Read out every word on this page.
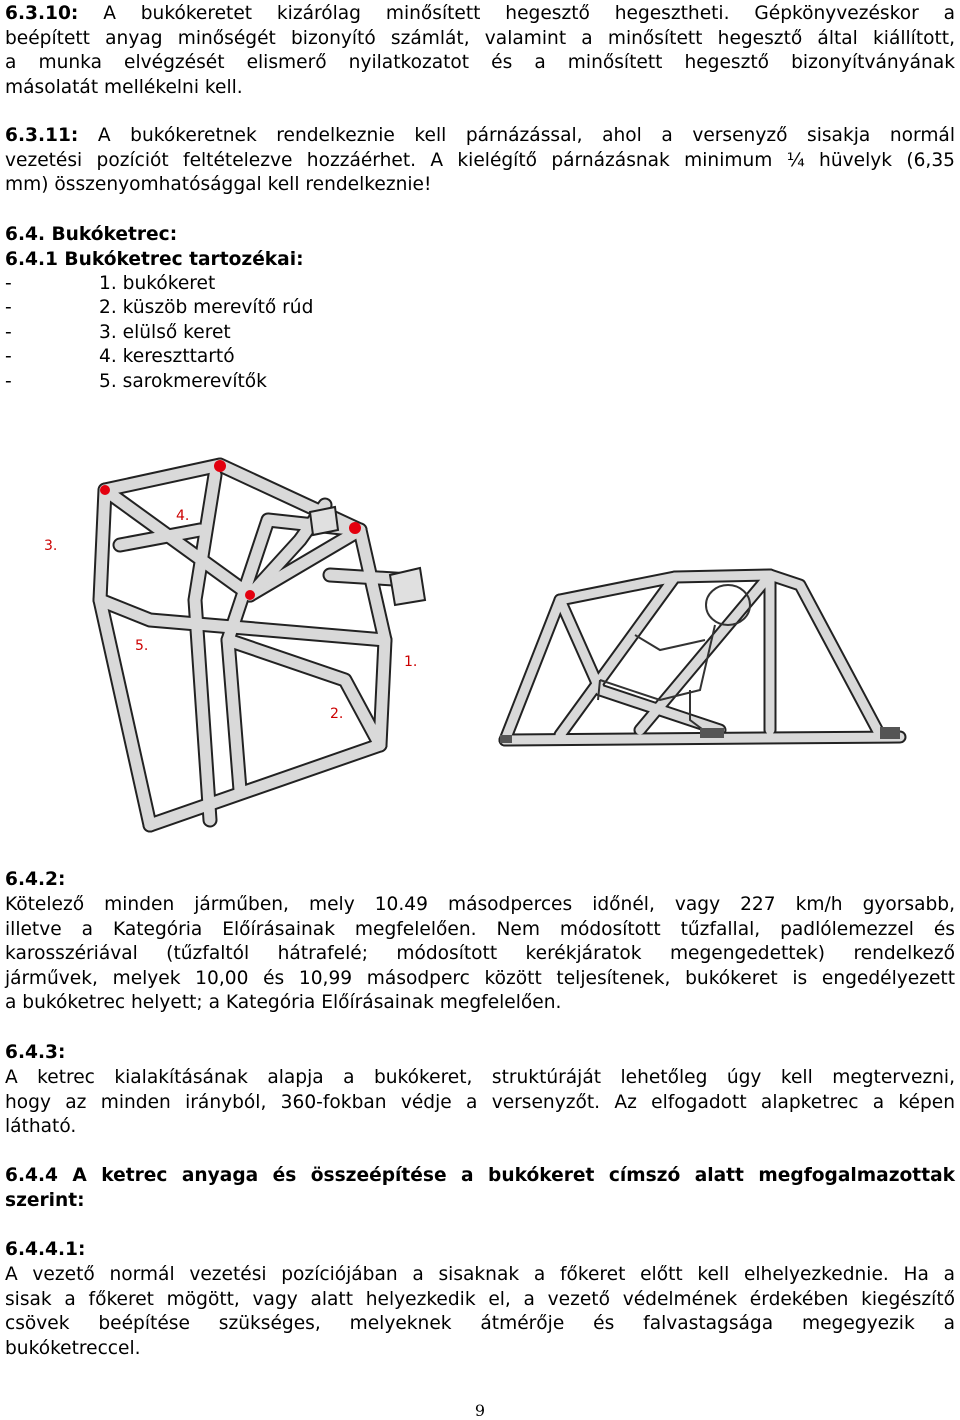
6.3.10: A bukókeretet kizárólag minősített hegesztő hegesztheti. Gépkönyvezéskor a
beépített anyag minőségét bizonyító számlát, valamint a minősített hegesztő által kiállított,
a munka elvégzését elismerő nyilatkozatot és a minősített hegesztő bizonyítványának
másolatát mellékelni kell.
6.3.11: A bukókeretnek rendelkeznie kell párnázással, ahol a versenyző sisakja normál
vezetési pozíciót feltételezve hozzáérhet. A kielégítő párnázásnak minimum ¼ hüvelyk (6,35
mm) összenyomhatósággal kell rendelkeznie!
6.4. Bukóketrec:
6.4.1 Bukóketrec tartozékai:
-	1. bukókeret
-	2. küszöb merevítő rúd
-	3. elülső keret
-	4. kereszttartó
-	5. sarokmerevítők
1.
2.
3.
4.
5.
6.4.2:
Kötelező minden járműben, mely 10.49 másodperces időnél, vagy 227 km/h gyorsabb,
illetve a Kategória Előírásainak megfelelően. Nem módosított tűzfallal, padlólemezzel és
karosszériával (tűzfaltól hátrafelé; módosított kerékjáratok megengedettek) rendelkező
járművek, melyek 10,00 és 10,99 másodperc között teljesítenek, bukókeret is engedélyezett
a bukóketrec helyett; a Kategória Előírásainak megfelelően.
6.4.3:
A ketrec kialakításának alapja a bukókeret, struktúráját lehetőleg úgy kell megtervezni,
hogy az minden irányból, 360-fokban védje a versenyzőt. Az elfogadott alapketrec a képen
látható.
6.4.4 A ketrec anyaga és összeépítése a bukókeret címszó alatt megfogalmazottak
szerint:
6.4.4.1:
A vezető normál vezetési pozíciójában a sisaknak a főkeret előtt kell elhelyezkednie. Ha a
sisak a főkeret mögött, vagy alatt helyezkedik el, a vezető védelmének érdekében kiegészítő
csövek beépítése szükséges, melyeknek átmérője és falvastagsága megegyezik a
bukóketreccel.
9
